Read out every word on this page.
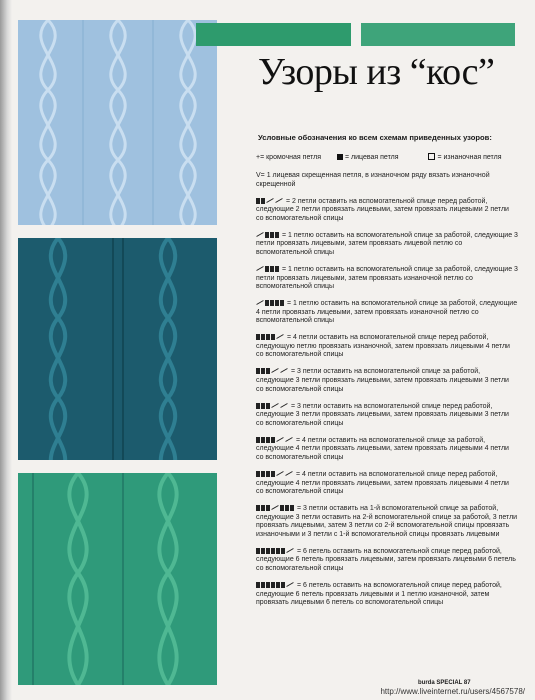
Узоры из “кос”
Условные обозначения ко всем схемам приведенных узоров:
+= кромочная петля	= лицевая петля	= изнаночная петля
V= 1 лицевая скрещенная петля, в изнаночном ряду вязать изнаночной скрещенной
= 2 петли оставить на вспомогательной спице перед работой, следующие 2 петли провязать лицевыми, затем провязать лицевыми 2 петли со вспомогательной спицы
= 1 петлю оставить на вспомогательной спице за работой, следующие 3 петли провязать лицевыми, затем провязать лицевой петлю со вспомогательной спицы
= 1 петлю оставить на вспомогательной спице за работой, следующие 3 петли провязать лицевыми, затем провязать изнаночной петлю со вспомогательной спицы
= 1 петлю оставить на вспомогательной спице за работой, следующие 4 петли провязать лицевыми, затем провязать изнаночной петлю со вспомогательной спицы
= 4 петли оставить на вспомогательной спице перед работой, следующую петлю провязать изнаночной, затем провязать лицевыми 4 петли со вспомогательной спицы
= 3 петли оставить на вспомогательной спице за работой, следующие 3 петли провязать лицевыми, затем провязать лицевыми 3 петли со вспомогательной спицы
= 3 петли оставить на вспомогательной спице перед работой, следующие 3 петли провязать лицевыми, затем провязать лицевыми 3 петли со вспомогательной спицы
= 4 петли оставить на вспомогательной спице за работой, следующие 4 петли провязать лицевыми, затем провязать лицевыми 4 петли со вспомогательной спицы
= 4 петли оставить на вспомогательной спице перед работой, следующие 4 петли провязать лицевыми, затем провязать лицевыми 4 петли со вспомогательной спицы
= 3 петли оставить на 1-й вспомогательной спице за работой, следующие 3 петли оставить на 2-й вспомогательной спице за работой, 3 петли провязать лицевыми, затем 3 петли со 2-й вспомогательной спицы провязать изнаночными и 3 петли с 1-й вспомогательной спицы провязать лицевыми
= 6 петель оставить на вспомогательной спице перед работой, следующие 6 петель провязать лицевыми, затем провязать лицевыми 6 петель со вспомогательной спицы
= 6 петель оставить на вспомогательной спице перед работой, следующие 6 петель провязать лицевыми и 1 петлю изнаночной, затем провязать лицевыми 6 петель со вспомогательной спицы
burda SPECIAL 87
http://www.liveinternet.ru/users/4567578/
